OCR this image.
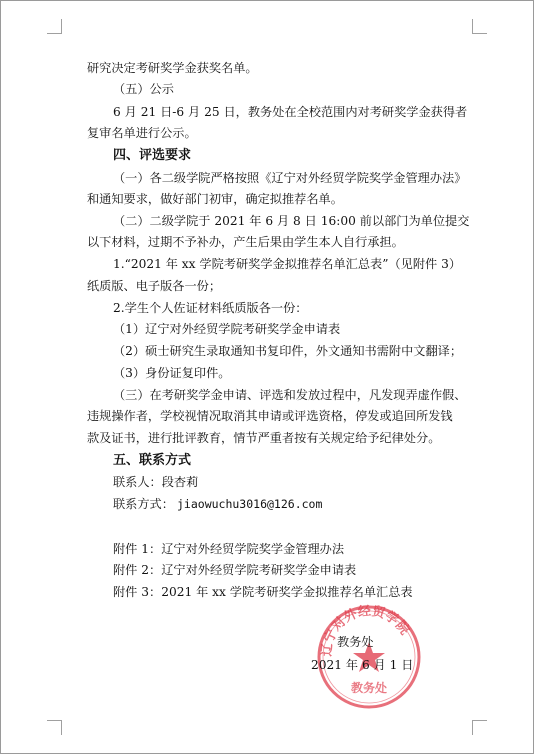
研究决定考研奖学金获奖名单。
（五）公示
6 月 21 日-6 月 25 日，教务处在全校范围内对考研奖学金获得者
复审名单进行公示。
四、评选要求
（一）各二级学院严格按照《辽宁对外经贸学院奖学金管理办法》
和通知要求，做好部门初审，确定拟推荐名单。
（二）二级学院于 2021 年 6 月 8 日 16:00 前以部门为单位提交
以下材料，过期不予补办，产生后果由学生本人自行承担。
1.“2021 年 xx 学院考研奖学金拟推荐名单汇总表”（见附件 3）
纸质版、电子版各一份；
2.学生个人佐证材料纸质版各一份：
（1）辽宁对外经贸学院考研奖学金申请表
（2）硕士研究生录取通知书复印件，外文通知书需附中文翻译；
（3）身份证复印件。
（三）在考研奖学金申请、评选和发放过程中，凡发现弄虚作假、
违规操作者，学校视情况取消其申请或评选资格，停发或追回所发钱
款及证书，进行批评教育，情节严重者按有关规定给予纪律处分。
五、联系方式
联系人：段杏莉
联系方式： jiaowuchu3016@126.com
附件 1：辽宁对外经贸学院奖学金管理办法
附件 2：辽宁对外经贸学院考研奖学金申请表
附件 3：2021 年 xx 学院考研奖学金拟推荐名单汇总表
辽宁对外经贸学院
教务处
教务处
2021 年 6 月 1 日
